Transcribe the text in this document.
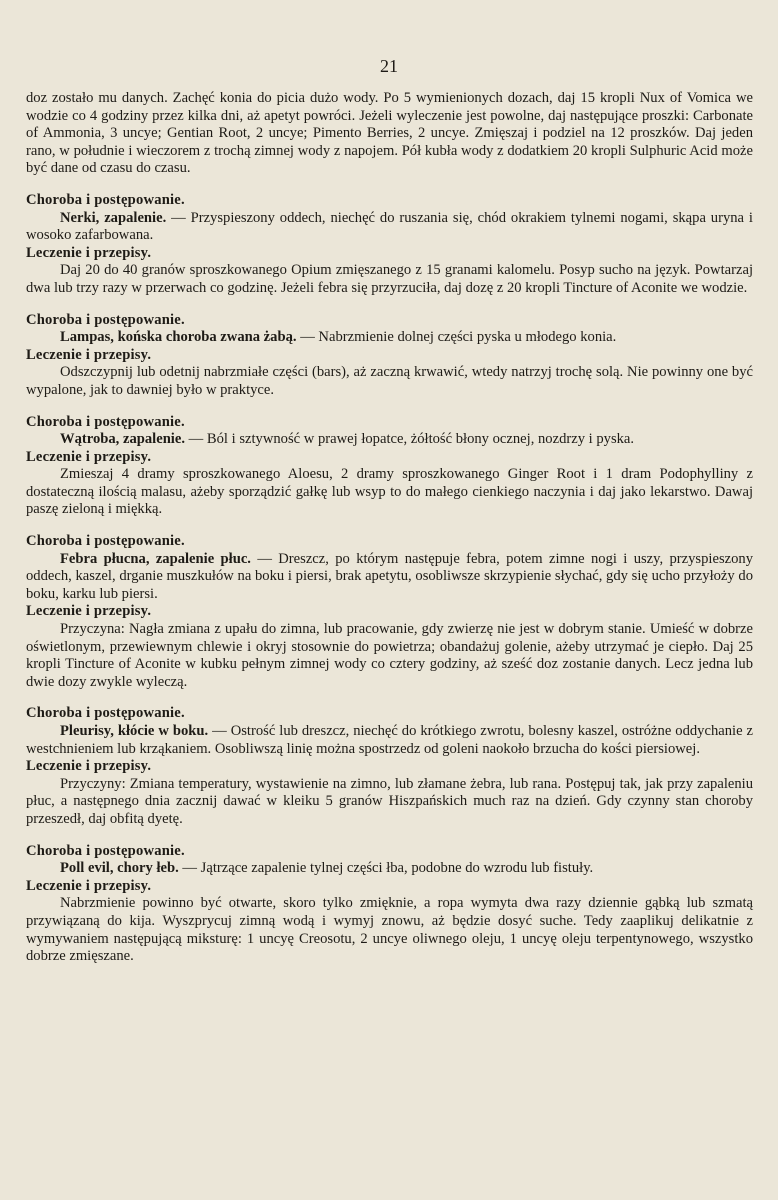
21

doz zostało mu danych. Zachęć konia do picia dużo wody. Po 5 wymienionych dozach, daj 15 kropli Nux of Vomica we wodzie co 4 godziny przez kilka dni, aż apetyt powróci. Jeżeli wyleczenie jest powolne, daj następujące proszki: Carbonate of Ammonia, 3 uncye; Gentian Root, 2 uncye; Pimento Berries, 2 uncye. Zmięszaj i podziel na 12 proszków. Daj jeden rano, w południe i wieczorem z trochą zimnej wody z napojem. Pół kubła wody z dodatkiem 20 kropli Sulphuric Acid może być dane od czasu do czasu.

Choroba i postępowanie.

Nerki, zapalenie. — Przyspieszony oddech, niechęć do ruszania się, chód okrakiem tylnemi nogami, skąpa uryna i wosoko zafarbowana.

Leczenie i przepisy.

Daj 20 do 40 granów sproszkowanego Opium zmięszanego z 15 granami kalomelu. Posyp sucho na język. Powtarzaj dwa lub trzy razy w przerwach co godzinę. Jeżeli febra się przyrzuciła, daj dozę z 20 kropli Tincture of Aconite we wodzie.

Choroba i postępowanie.

Lampas, końska choroba zwana żabą. — Nabrzmienie dolnej części pyska u młodego konia.

Leczenie i przepisy.

Odszczypnij lub odetnij nabrzmiałe części (bars), aż zaczną krwawić, wtedy natrzyj trochę solą. Nie powinny one być wypalone, jak to dawniej było w praktyce.

Choroba i postępowanie.

Wątroba, zapalenie. — Ból i sztywność w prawej łopatce, żółtość błony ocznej, nozdrzy i pyska.

Leczenie i przepisy.

Zmieszaj 4 dramy sproszkowanego Aloesu, 2 dramy sproszkowanego Ginger Root i 1 dram Podophylliny z dostateczną ilością malasu, ażeby sporządzić gałkę lub wsyp to do małego cienkiego naczynia i daj jako lekarstwo. Dawaj paszę zieloną i miękką.

Choroba i postępowanie.

Febra płucna, zapalenie płuc. — Dreszcz, po którym następuje febra, potem zimne nogi i uszy, przyspieszony oddech, kaszel, drganie muszkułów na boku i piersi, brak apetytu, osobliwsze skrzypienie słychać, gdy się ucho przyłoży do boku, karku lub piersi.

Leczenie i przepisy.

Przyczyna: Nagła zmiana z upału do zimna, lub pracowanie, gdy zwierzę nie jest w dobrym stanie. Umieść w dobrze oświetlonym, przewiewnym chlewie i okryj stosownie do powietrza; obandażuj golenie, ażeby utrzymać je ciepło. Daj 25 kropli Tincture of Aconite w kubku pełnym zimnej wody co cztery godziny, aż sześć doz zostanie danych. Lecz jedna lub dwie dozy zwykle wyleczą.

Choroba i postępowanie.

Pleurisy, kłócie w boku. — Ostrość lub dreszcz, niechęć do krótkiego zwrotu, bolesny kaszel, ostróżne oddychanie z westchnieniem lub krząkaniem. Osobliwszą linię można spostrzedz od goleni naokoło brzucha do kości piersiowej.

Leczenie i przepisy.

Przyczyny: Zmiana temperatury, wystawienie na zimno, lub złamane żebra, lub rana. Postępuj tak, jak przy zapaleniu płuc, a następnego dnia zacznij dawać w kleiku 5 granów Hiszpańskich much raz na dzień. Gdy czynny stan choroby przeszedł, daj obfitą dyetę.

Choroba i postępowanie.

Poll evil, chory łeb. — Jątrzące zapalenie tylnej części łba, podobne do wzrodu lub fistuły.

Leczenie i przepisy.

Nabrzmienie powinno być otwarte, skoro tylko zmięknie, a ropa wymyta dwa razy dziennie gąbką lub szmatą przywiązaną do kija. Wyszprycuj zimną wodą i wymyj znowu, aż będzie dosyć suche. Tedy zaaplikuj delikatnie z wymywaniem następującą miksturę: 1 uncyę Creosotu, 2 uncye oliwnego oleju, 1 uncyę oleju terpentynowego, wszystko dobrze zmięszane.
